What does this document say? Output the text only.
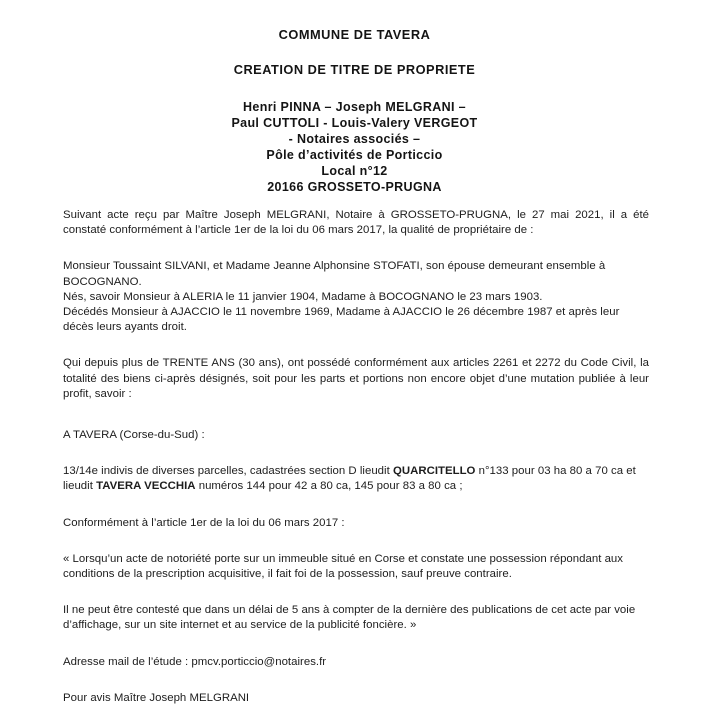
COMMUNE DE TAVERA
CREATION DE TITRE DE PROPRIETE
Henri PINNA – Joseph MELGRANI –
Paul CUTTOLI - Louis-Valery VERGEOT
- Notaires associés –
Pôle d’activités de Porticcio
Local n°12
20166 GROSSETO-PRUGNA

Suivant acte reçu par Maître Joseph MELGRANI, Notaire à GROSSETO-PRUGNA, le 27 mai 2021, il a été constaté conformément à l’article 1er de la loi du 06 mars 2017, la qualité de propriétaire de :

Monsieur Toussaint SILVANI, et Madame Jeanne Alphonsine STOFATI, son épouse demeurant ensemble à BOCOGNANO.
Nés, savoir Monsieur à ALERIA le 11 janvier 1904, Madame à BOCOGNANO le 23 mars 1903.
Décédés Monsieur à AJACCIO le 11 novembre 1969, Madame à AJACCIO le 26 décembre 1987 et après leur décès leurs ayants droit.

Qui depuis plus de TRENTE ANS (30 ans), ont possédé conformément aux articles 2261 et 2272 du Code Civil, la totalité des biens ci-après désignés, soit pour les parts et portions non encore objet d’une mutation publiée à leur profit, savoir :

A TAVERA (Corse-du-Sud) :

13/14e indivis de diverses parcelles, cadastrées section D lieudit QUARCITELLO n°133 pour 03 ha 80 a 70 ca et lieudit TAVERA VECCHIA numéros 144 pour 42 a 80 ca, 145 pour 83 a 80 ca ;

Conformément à l’article 1er de la loi du 06 mars 2017 :

« Lorsqu’un acte de notoriété porte sur un immeuble situé en Corse et constate une possession répondant aux conditions de la prescription acquisitive, il fait foi de la possession, sauf preuve contraire.

Il ne peut être contesté que dans un délai de 5 ans à compter de la dernière des publications de cet acte par voie d’affichage, sur un site internet et au service de la publicité foncière. »

Adresse mail de l’étude : pmcv.porticcio@notaires.fr

Pour avis Maître Joseph MELGRANI
